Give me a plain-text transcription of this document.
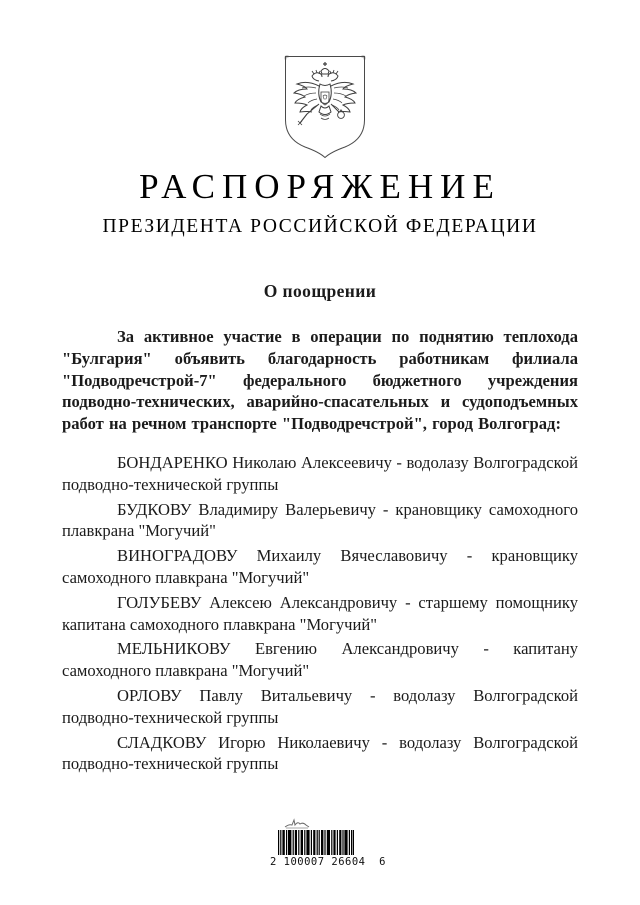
РАСПОРЯЖЕНИЕ
ПРЕЗИДЕНТА РОССИЙСКОЙ ФЕДЕРАЦИИ
О поощрении

За активное участие в операции по поднятию теплохода "Булгария" объявить благодарность работникам филиала "Подводречстрой-7" федерального бюджетного учреждения подводно-технических, аварийно-спасательных и судоподъемных работ на речном транспорте "Подводречстрой", город Волгоград:

БОНДАРЕНКО Николаю Алексеевичу - водолазу Волгоградской подводно-технической группы

БУДКОВУ Владимиру Валерьевичу - крановщику самоходного плавкрана "Могучий"

ВИНОГРАДОВУ Михаилу Вячеславовичу - крановщику самоходного плавкрана "Могучий"

ГОЛУБЕВУ Алексею Александровичу - старшему помощнику капитана самоходного плавкрана "Могучий"

МЕЛЬНИКОВУ Евгению Александровичу - капитану самоходного плавкрана "Могучий"

ОРЛОВУ Павлу Витальевичу - водолазу Волгоградской подводно-технической группы

СЛАДКОВУ Игорю Николаевичу - водолазу Волгоградской подводно-технической группы

2 100007 26604  6
